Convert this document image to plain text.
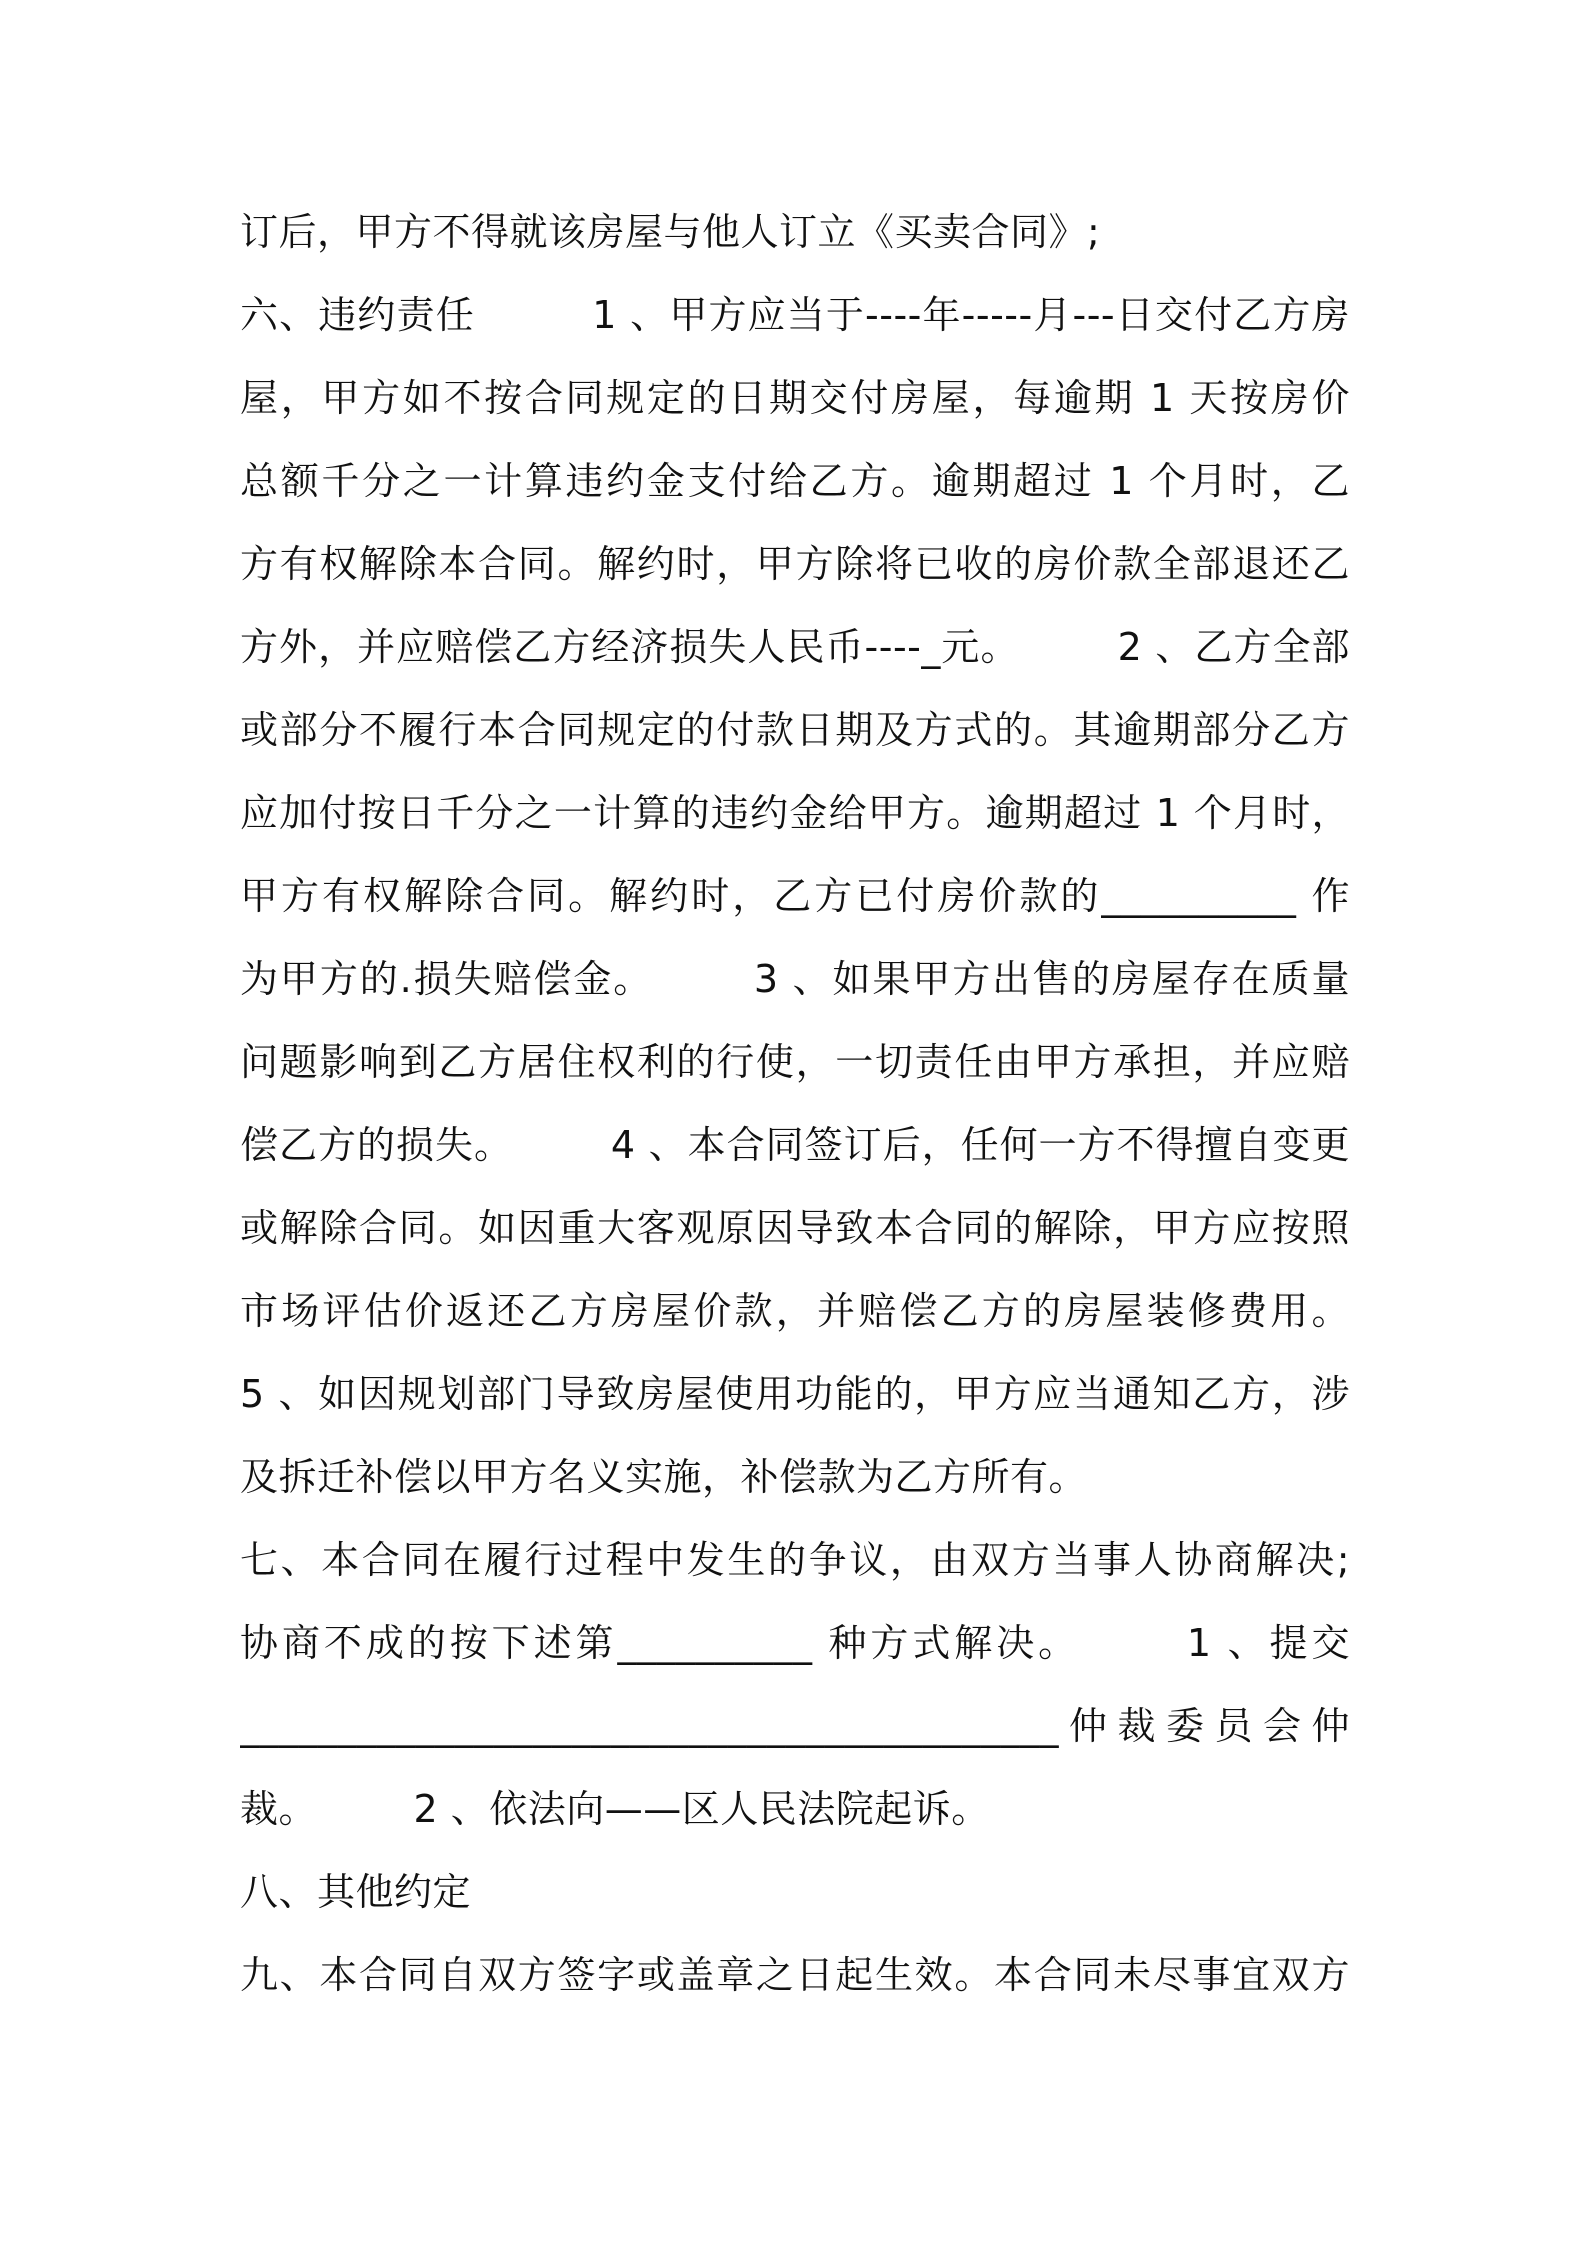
订后，甲方不得就该房屋与他人订立《买卖合同》;
六、违约责任　　　1 、甲方应当于----年-----月---日交付乙方房
屋，甲方如不按合同规定的日期交付房屋，每逾期 1 天按房价
总额千分之一计算违约金支付给乙方。逾期超过 1 个月时，乙
方有权解除本合同。解约时，甲方除将已收的房价款全部退还乙
方外，并应赔偿乙方经济损失人民币----_元。　　　2 、乙方全部
或部分不履行本合同规定的付款日期及方式的。其逾期部分乙方
应加付按日千分之一计算的违约金给甲方。逾期超过 1 个月时，
甲方有权解除合同。解约时，乙方已付房价款的__________ 作
为甲方的.损失赔偿金。　　　3 、如果甲方出售的房屋存在质量
问题影响到乙方居住权利的行使，一切责任由甲方承担，并应赔
偿乙方的损失。　　　4 、本合同签订后，任何一方不得擅自变更
或解除合同。如因重大客观原因导致本合同的解除，甲方应按照
市场评估价返还乙方房屋价款，并赔偿乙方的房屋装修费用。
5 、如因规划部门导致房屋使用功能的，甲方应当通知乙方，涉
及拆迁补偿以甲方名义实施，补偿款为乙方所有。
七、本合同在履行过程中发生的争议，由双方当事人协商解决;
协商不成的按下述第__________ 种方式解决。　　　1 、提交
__________________________________________仲裁委员会仲
裁。　　　2 、依法向——区人民法院起诉。
八、其他约定
九、本合同自双方签字或盖章之日起生效。本合同未尽事宜双方
